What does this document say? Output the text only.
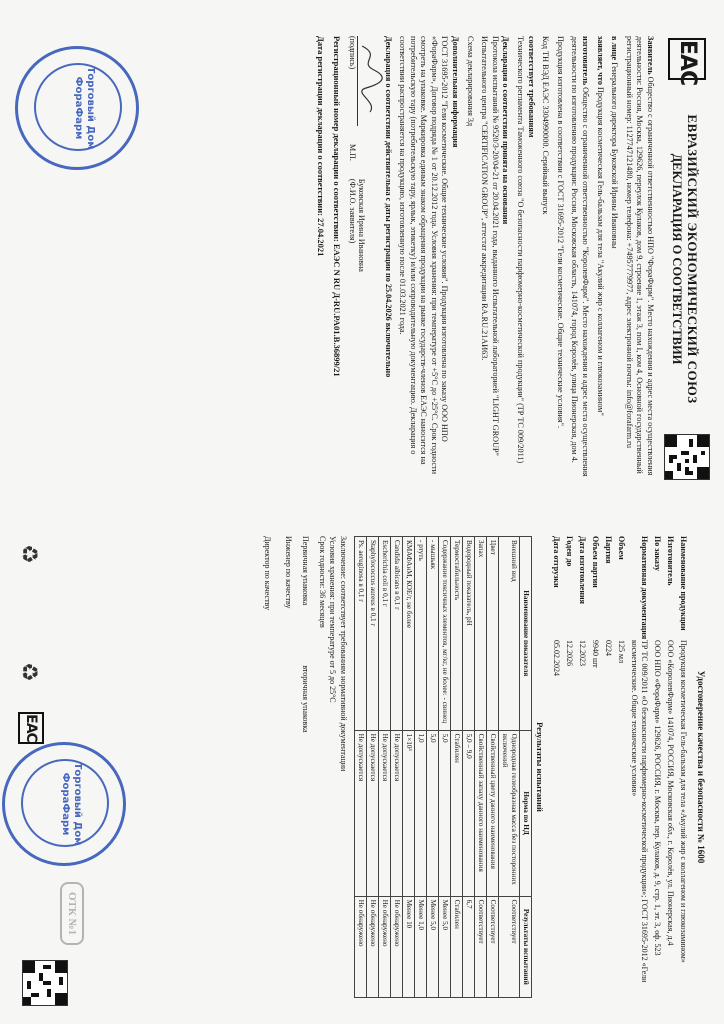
EAC
ЕВРАЗИЙСКИЙ ЭКОНОМИЧЕСКИЙ СОЮЗ
ДЕКЛАРАЦИЯ О СООТВЕТСТВИИ

Заявитель Общество с ограниченной ответственностью НПО "ФорaФарм". Место нахождения и адрес места осуществления деятельности: Россия, Москва, 129626, переулок Кулаков, дом 9, строение 1, этаж 3, пом I, ком 4, Основной государственный регистрационный номер: 1127747121480, номер телефона: +74957779977, адрес электронной почты: info@forafarm.ru

в лице Генерального директора Буковской Ирины Ивановны

заявляет, что Продукция косметическая Гель-бальзам для тела "Акулий жир с коллагеном и глюкозамином"

изготовитель Общество с ограниченной ответственностью "КоролевФарм". Место нахождения и адрес места осуществления деятельности по изготовлению продукции: Россия, Московская область, 141074, город Королёв, улица Пионерская, дом 4.

Продукция изготовлена в соответствии с ГОСТ 31695-2012 "Гели косметические. Общие технические условия".

Код ТН ВЭД ЕАЭС 3304990000. Серийный выпуск

соответствует требованиям
Технического регламента Таможенного союза "О безопасности парфюмерно-косметической продукции" (ТР ТС 009/2011)

Декларация о соответствии принята на основании
Протокола испытаний № 9520/3-20/04-21 от 20.04.2021 года, выданного Испытательной лабораторией "LIGHT GROUP" Испытательного центра "CERTIFICATION GROUP", аттестат аккредитации RA.RU.21АИ63.

Схема декларирования 3д

Дополнительная информация
ГОСТ 31695-2012 "Гели косметические. Общие технические условия". Продукция изготовлена по заказу ООО НПО «ФорaФарм», Договор подряда № 1 от 20.12.2012 года. Условия хранения: при температуре от +5°С до +25°С. Срок годности смотреть на упаковке. Маркировка единым знаком обращения продукции на рынке государств-членов ЕАЭС наносится на потребительскую тару (потребительскую тару, ярлык, этикетку) и/или сопроводительную документацию. Декларация о соответствии распространяется на продукцию, изготовленную после 01.03.2021 года.

Декларация о соответствии действительна с даты регистрации по 25.04.2026 включительно

(подпись)
М.П.
Буковская Ирина Ивановна
(Ф.И.О. заявителя)
Регистрационный номер декларации о соответствии: ЕАЭС N RU Д-RU.PA01.B.36899/21
Дата регистрации декларации о соответствии: 27.04.2021
Торговый Дом
ФораФарм
Удостоверение качества и безопасности № 1600
Наименование продукции
Продукция косметическая Гель-бальзам для тела «Акулий жир с коллагеном и глюкозамином»
Изготовитель
ООО «КоролевФарм» 141074, РОССИЯ, Московская обл., г. Королёв, ул. Пионерская, д.4
По заказу
ООО НПО «ФорaФарм» 129626, РОССИЯ, г. Москва, пер. Кулаков, д. 9, стр. 1, эт. 3, оф. 523
Нормативная документация
ТР ТС 009/2011 «О безопасности парфюмерно-косметической продукции»; ГОСТ 31695-2012 «Гели косметические. Общие технические условия»
Объем
125 мл
Партия
0224
Объем партии
9940 шт
Дата изготовления
12.2023
Годен до
12.2026
Дата отгрузки
05.02.2024
Результаты испытаний
Наименование показателя	Норма по НД	Результаты испытаний
Внешний вид	Однородная гелеобразная масса без посторонних включений	Соответствует
Цвет	Свойственный цвету данного наименования	Соответствует
Запах	Свойственный запаху данного наименования	Соответствует
Водородный показатель, pH	5,0 – 9,0	6,7
Термостабильность	Стабилен	Стабилен
Содержание токсичных элементов, мг/кг, не более: - свинец	5,0	Менее 5,0
- мышьяк	5,0	Менее 5,0
- ртуть	1,0	Менее 1,0
КМАФАнМ, КОЕ/г, не более	1×10³	Менее 10
Candida albicans в 0,1 г	Не допускается	Не обнаружено
Escherichia coli в 0,1 г	Не допускается	Не обнаружено
Staphylococcus aureus в 0,1 г	Не допускается	Не обнаружено
Ps. aeruginosa в 0,1 г	Не допускается	Не обнаружено
Заключение: соответствует требованиям нормативной документации
Условия хранения: при температуре от 5 до 25°С
Срок годности: 36 месяцев
Первичная упаковка
вторичная упаковка
Инженер по качеству
Директор по качеству
Торговый Дом
ФораФарм
ОТК №1
EAC
♻
♻
